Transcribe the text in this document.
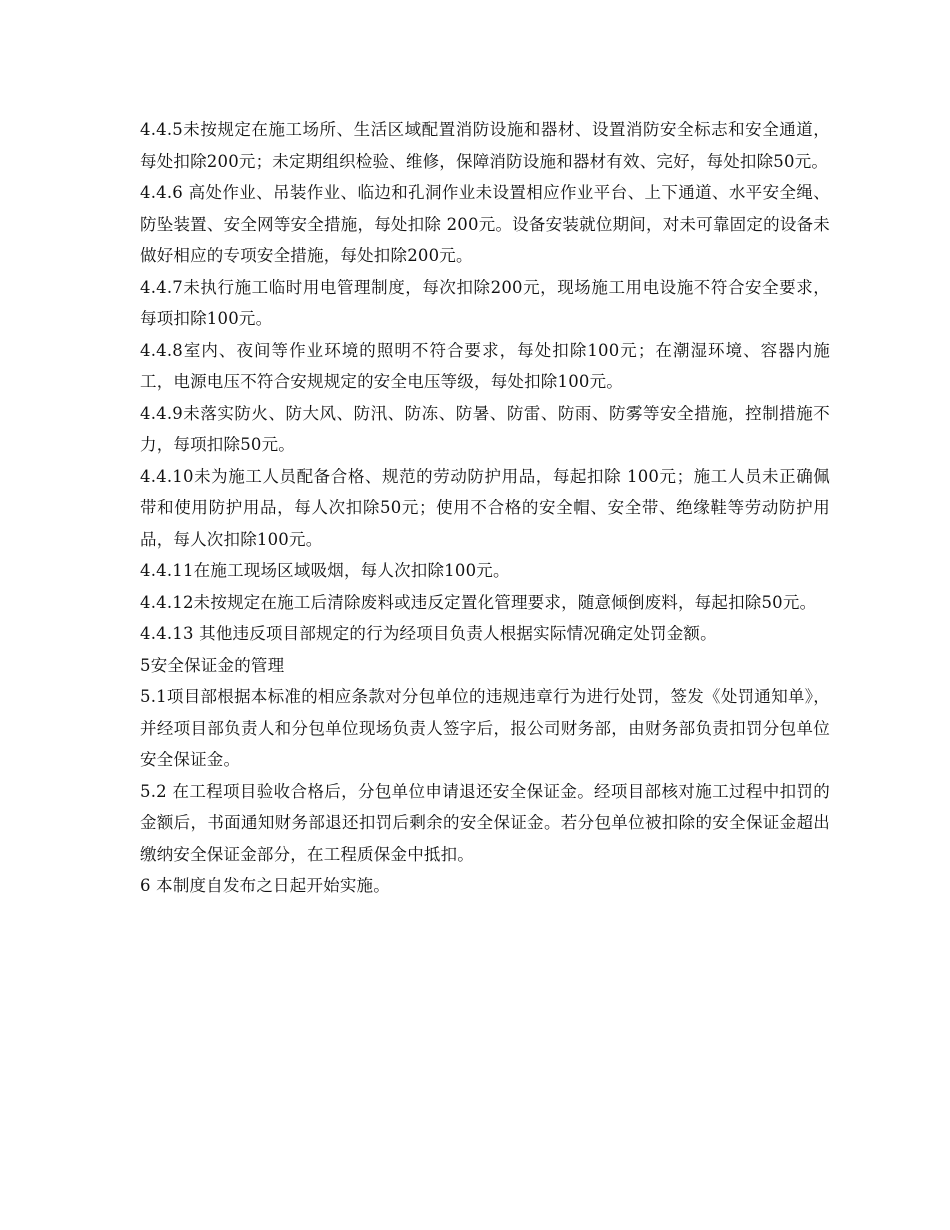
4.4.5未按规定在施工场所、生活区域配置消防设施和器材、设置消防安全标志和安全通道，每处扣除200元；未定期组织检验、维修，保障消防设施和器材有效、完好，每处扣除50元。

4.4.6 高处作业、吊装作业、临边和孔洞作业未设置相应作业平台、上下通道、水平安全绳、防坠装置、安全网等安全措施，每处扣除 200元。设备安装就位期间，对未可靠固定的设备未做好相应的专项安全措施，每处扣除200元。

4.4.7未执行施工临时用电管理制度，每次扣除200元，现场施工用电设施不符合安全要求，每项扣除100元。

4.4.8室内、夜间等作业环境的照明不符合要求，每处扣除100元；在潮湿环境、容器内施工，电源电压不符合安规规定的安全电压等级，每处扣除100元。

4.4.9未落实防火、防大风、防汛、防冻、防暑、防雷、防雨、防雾等安全措施，控制措施不力，每项扣除50元。

4.4.10未为施工人员配备合格、规范的劳动防护用品，每起扣除 100元；施工人员未正确佩带和使用防护用品，每人次扣除50元；使用不合格的安全帽、安全带、绝缘鞋等劳动防护用品，每人次扣除100元。

4.4.11在施工现场区域吸烟，每人次扣除100元。

4.4.12未按规定在施工后清除废料或违反定置化管理要求，随意倾倒废料，每起扣除50元。

4.4.13 其他违反项目部规定的行为经项目负责人根据实际情况确定处罚金额。

5安全保证金的管理

5.1项目部根据本标准的相应条款对分包单位的违规违章行为进行处罚，签发《处罚通知单》，并经项目部负责人和分包单位现场负责人签字后，报公司财务部，由财务部负责扣罚分包单位安全保证金。

5.2 在工程项目验收合格后，分包单位申请退还安全保证金。经项目部核对施工过程中扣罚的金额后，书面通知财务部退还扣罚后剩余的安全保证金。若分包单位被扣除的安全保证金超出缴纳安全保证金部分，在工程质保金中抵扣。

6 本制度自发布之日起开始实施。
